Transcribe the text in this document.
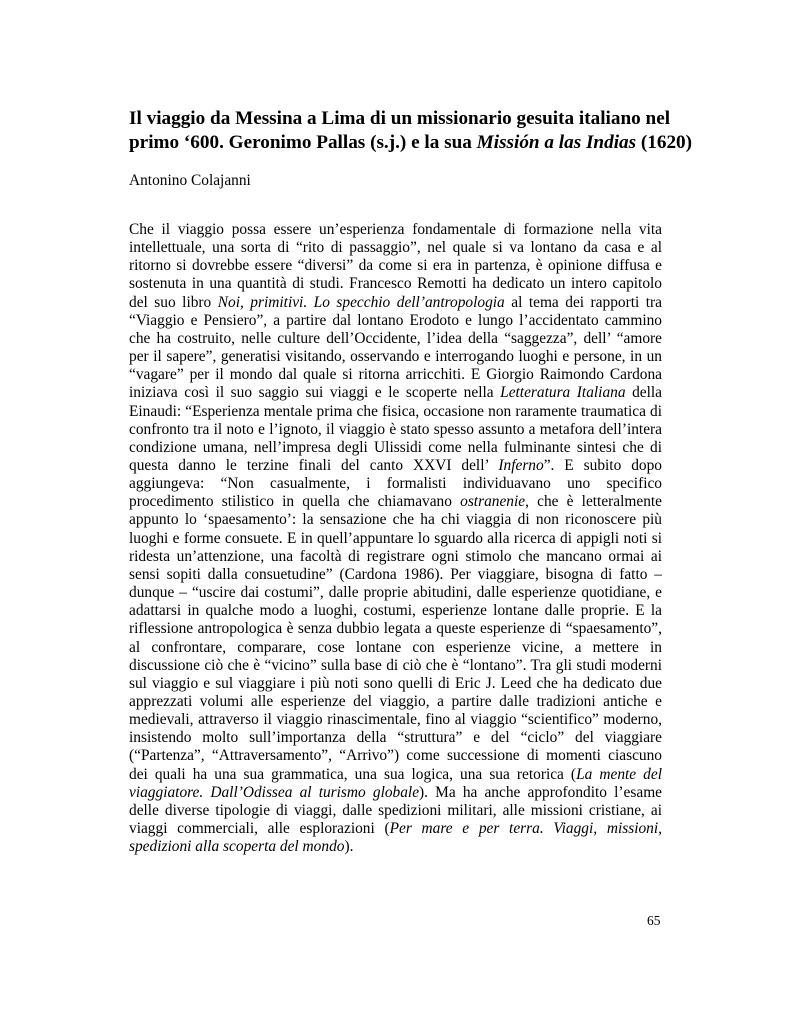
Il viaggio da Messina a Lima di un missionario gesuita italiano nel
primo ‘600. Geronimo Pallas (s.j.) e la sua Missión a las Indias (1620)

Antonino Colajanni

Che il viaggio possa essere un’esperienza fondamentale di formazione nella vita
intellettuale, una sorta di “rito di passaggio”, nel quale si va lontano da casa e al
ritorno si dovrebbe essere “diversi” da come si era in partenza, è opinione diffusa e
sostenuta in una quantità di studi. Francesco Remotti ha dedicato un intero capitolo
del suo libro Noi, primitivi. Lo specchio dell’antropologia al tema dei rapporti tra
“Viaggio e Pensiero”, a partire dal lontano Erodoto e lungo l’accidentato cammino
che ha costruito, nelle culture dell’Occidente, l’idea della “saggezza”, dell’ “amore
per il sapere”, generatisi visitando, osservando e interrogando luoghi e persone, in un
“vagare” per il mondo dal quale si ritorna arricchiti. E Giorgio Raimondo Cardona
iniziava così il suo saggio sui viaggi e le scoperte nella Letteratura Italiana della
Einaudi: “Esperienza mentale prima che fisica, occasione non raramente traumatica di
confronto tra il noto e l’ignoto, il viaggio è stato spesso assunto a metafora dell’intera
condizione umana, nell’impresa degli Ulissidi come nella fulminante sintesi che di
questa danno le terzine finali del canto XXVI dell’ Inferno”. E subito dopo
aggiungeva: “Non casualmente, i formalisti individuavano uno specifico
procedimento stilistico in quella che chiamavano ostranenie, che è letteralmente
appunto lo ‘spaesamento’: la sensazione che ha chi viaggia di non riconoscere più
luoghi e forme consuete. E in quell’appuntare lo sguardo alla ricerca di appigli noti si
ridesta un’attenzione, una facoltà di registrare ogni stimolo che mancano ormai ai
sensi sopiti dalla consuetudine” (Cardona 1986). Per viaggiare, bisogna di fatto –
dunque – “uscire dai costumi”, dalle proprie abitudini, dalle esperienze quotidiane, e
adattarsi in qualche modo a luoghi, costumi, esperienze lontane dalle proprie. E la
riflessione antropologica è senza dubbio legata a queste esperienze di “spaesamento”,
al confrontare, comparare, cose lontane con esperienze vicine, a mettere in
discussione ciò che è “vicino” sulla base di ciò che è “lontano”. Tra gli studi moderni
sul viaggio e sul viaggiare i più noti sono quelli di Eric J. Leed che ha dedicato due
apprezzati volumi alle esperienze del viaggio, a partire dalle tradizioni antiche e
medievali, attraverso il viaggio rinascimentale, fino al viaggio “scientifico” moderno,
insistendo molto sull’importanza della “struttura” e del “ciclo” del viaggiare
(“Partenza”, “Attraversamento”, “Arrivo”) come successione di momenti ciascuno
dei quali ha una sua grammatica, una sua logica, una sua retorica (La mente del
viaggiatore. Dall’Odissea al turismo globale). Ma ha anche approfondito l’esame
delle diverse tipologie di viaggi, dalle spedizioni militari, alle missioni cristiane, ai
viaggi commerciali, alle esplorazioni (Per mare e per terra. Viaggi, missioni,
spedizioni alla scoperta del mondo).
65
